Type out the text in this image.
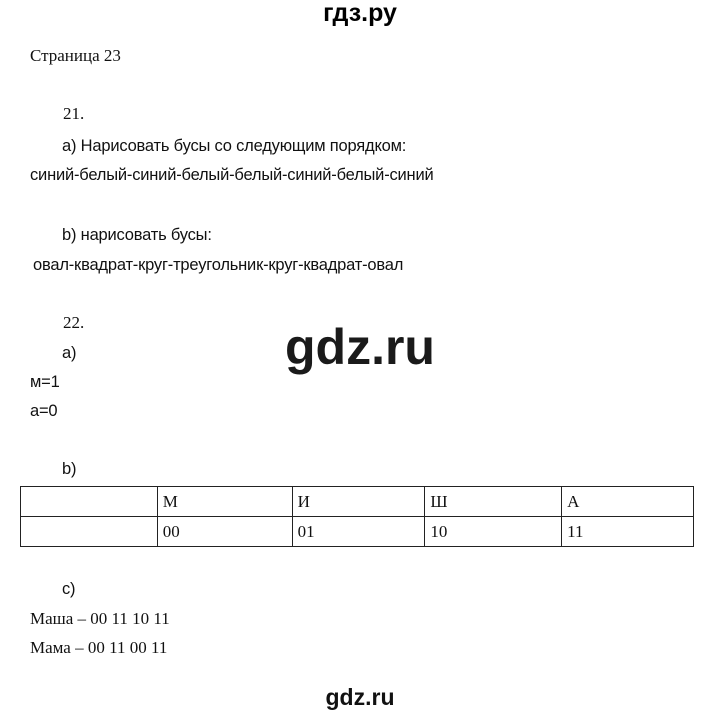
гдз.ру
Страница 23
21.
a) Нарисовать бусы со следующим порядком:
синий-белый-синий-белый-белый-синий-белый-синий
b) нарисовать бусы:
овал-квадрат-круг-треугольник-круг-квадрат-овал
gdz.ru
22.
a)
м=1
а=0
b)
	М	И	Ш	А
	00	01	10	11
c)
Маша – 00 11 10 11
Мама – 00 11 00 11
gdz.ru
